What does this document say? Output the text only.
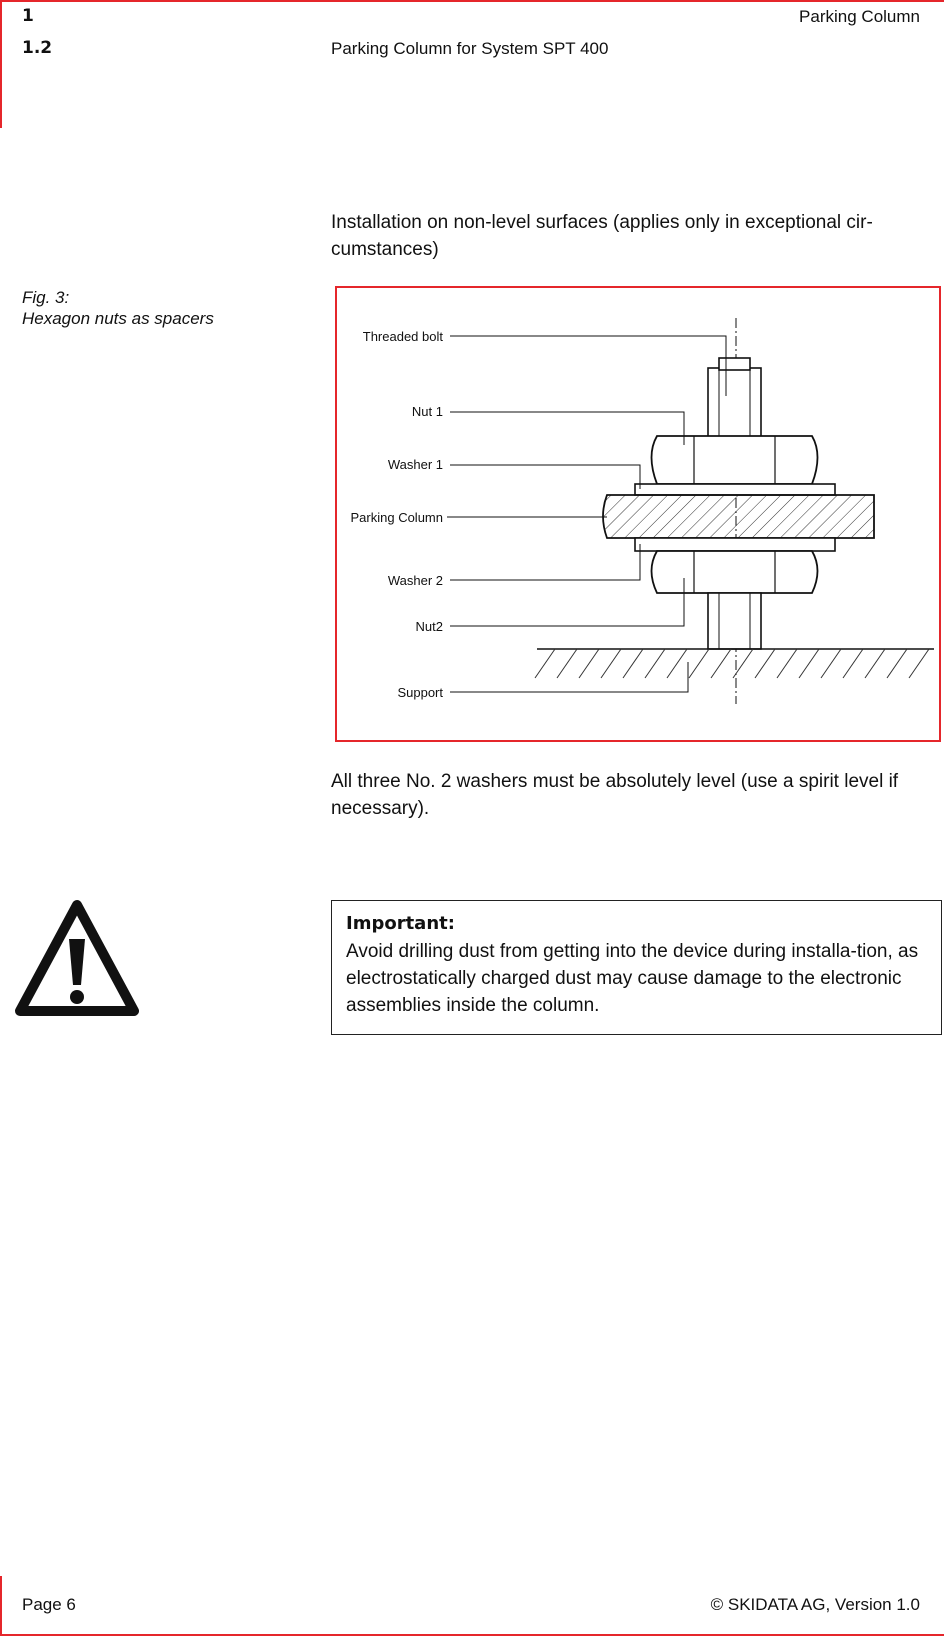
1	Parking Column
1.2	Parking Column for System SPT 400
Installation on non-level surfaces (applies only in exceptional cir-cumstances)
Fig. 3:
Hexagon nuts as spacers
Threaded bolt
Nut 1
Washer 1
Parking Column
Washer 2
Nut2
Support
All three No. 2 washers must be absolutely level (use a spirit level if necessary).
Important:
Avoid drilling dust from getting into the device during installa-tion, as electrostatically charged dust may cause damage to the electronic assemblies inside the column.
Page 6	© SKIDATA AG, Version 1.0
